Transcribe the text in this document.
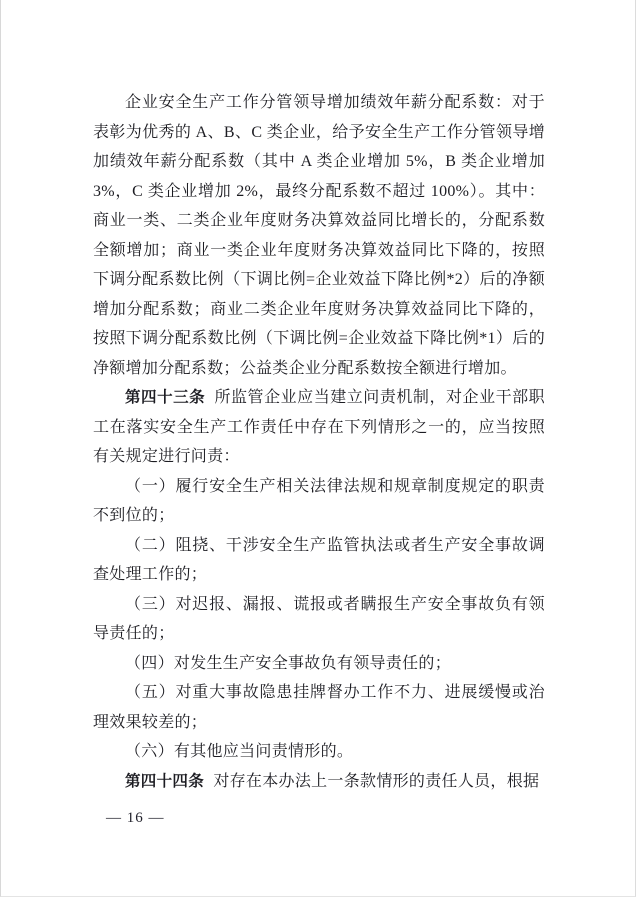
企业安全生产工作分管领导增加绩效年薪分配系数：对于表彰为优秀的 A、B、C 类企业，给予安全生产工作分管领导增加绩效年薪分配系数（其中 A 类企业增加 5%，B 类企业增加 3%，C 类企业增加 2%，最终分配系数不超过 100%）。其中：商业一类、二类企业年度财务决算效益同比增长的，分配系数全额增加；商业一类企业年度财务决算效益同比下降的，按照下调分配系数比例（下调比例=企业效益下降比例*2）后的净额增加分配系数；商业二类企业年度财务决算效益同比下降的，按照下调分配系数比例（下调比例=企业效益下降比例*1）后的净额增加分配系数；公益类企业分配系数按全额进行增加。

第四十三条 所监管企业应当建立问责机制，对企业干部职工在落实安全生产工作责任中存在下列情形之一的，应当按照有关规定进行问责：

（一）履行安全生产相关法律法规和规章制度规定的职责不到位的；

（二）阻挠、干涉安全生产监管执法或者生产安全事故调查处理工作的；

（三）对迟报、漏报、谎报或者瞒报生产安全事故负有领导责任的；

（四）对发生生产安全事故负有领导责任的；

（五）对重大事故隐患挂牌督办工作不力、进展缓慢或治理效果较差的；

（六）有其他应当问责情形的。

第四十四条 对存在本办法上一条款情形的责任人员，根据

— 16 —
